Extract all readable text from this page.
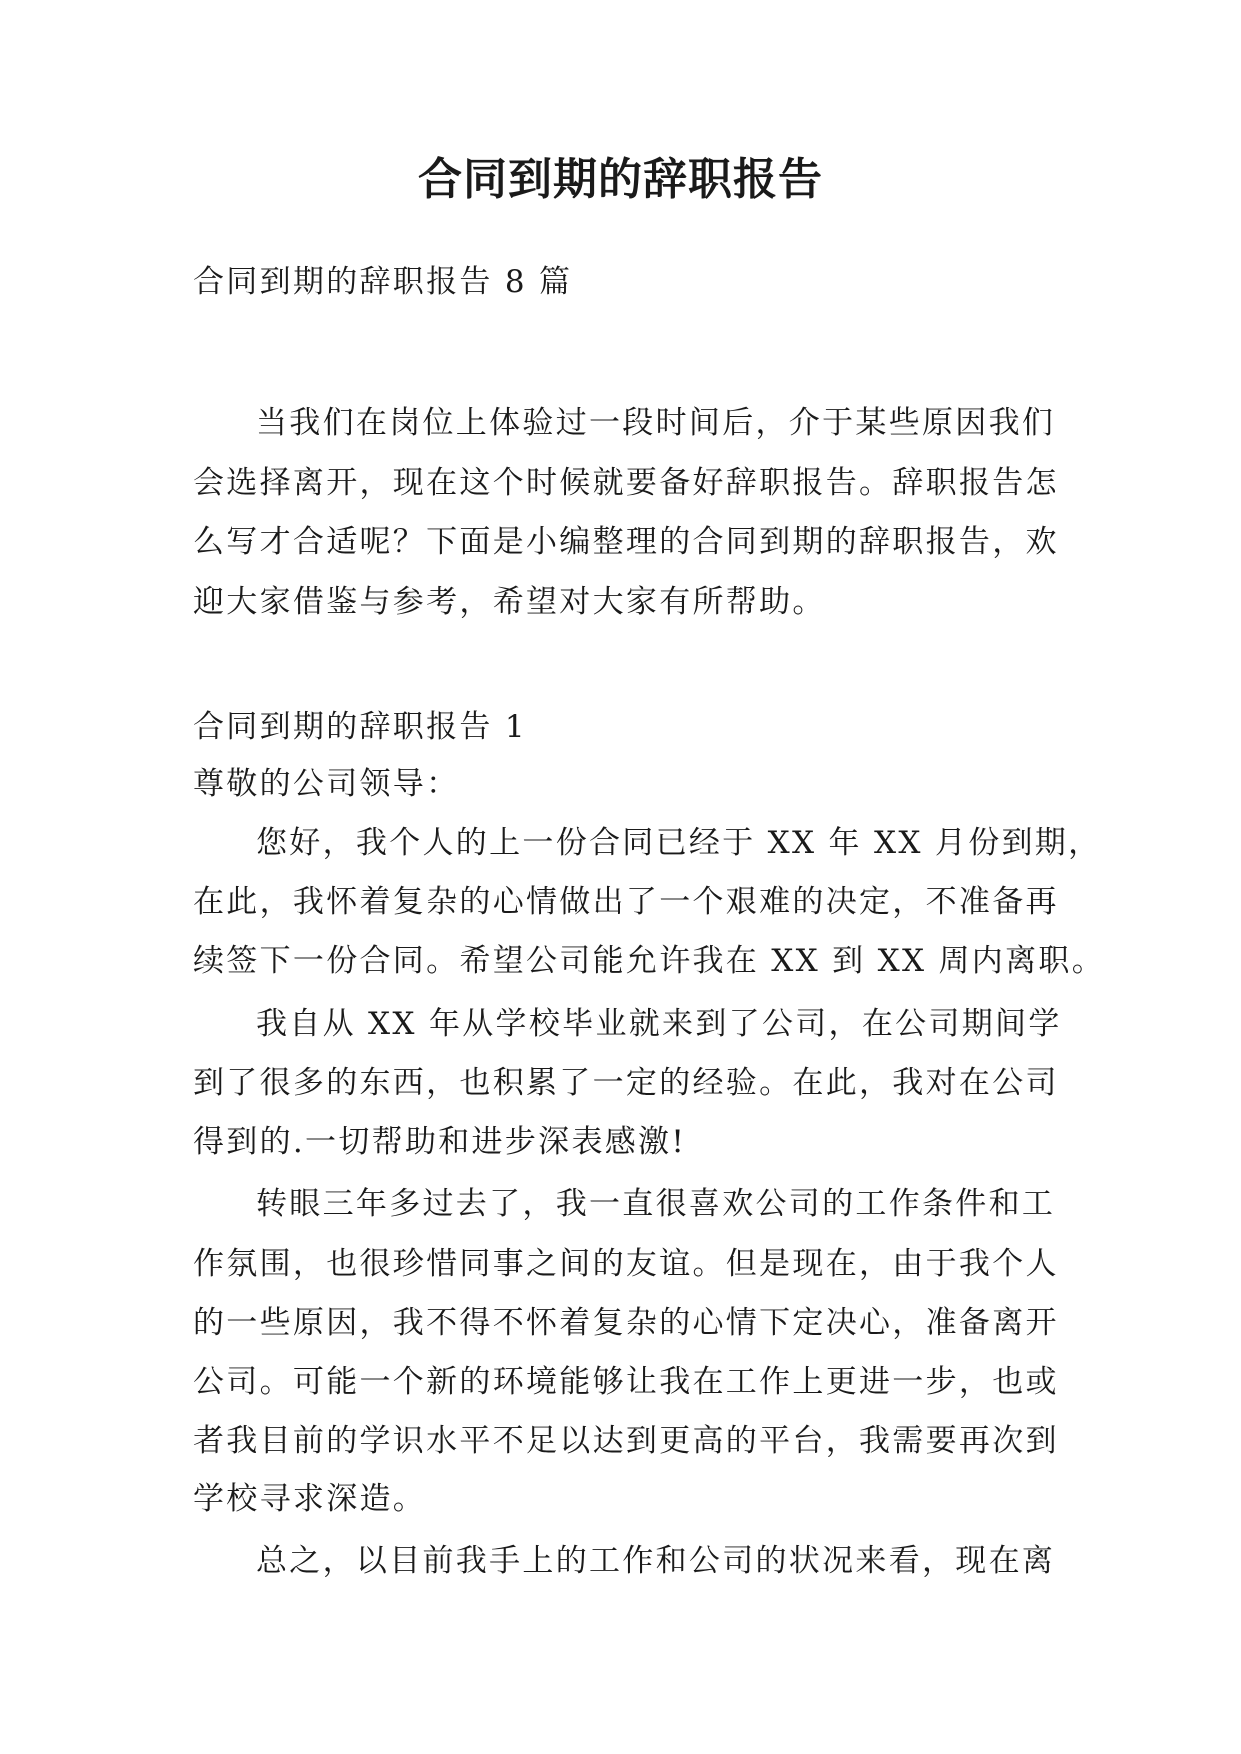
合同到期的辞职报告
合同到期的辞职报告 8 篇
当我们在岗位上体验过一段时间后，介于某些原因我们
会选择离开，现在这个时候就要备好辞职报告。辞职报告怎
么写才合适呢？下面是小编整理的合同到期的辞职报告，欢
迎大家借鉴与参考，希望对大家有所帮助。
合同到期的辞职报告 1
尊敬的公司领导：
您好，我个人的上一份合同已经于 XX 年 XX 月份到期，
在此，我怀着复杂的心情做出了一个艰难的决定，不准备再
续签下一份合同。希望公司能允许我在 XX 到 XX 周内离职。
我自从 XX 年从学校毕业就来到了公司，在公司期间学
到了很多的东西，也积累了一定的经验。在此，我对在公司
得到的.一切帮助和进步深表感激!
转眼三年多过去了，我一直很喜欢公司的工作条件和工
作氛围，也很珍惜同事之间的友谊。但是现在，由于我个人
的一些原因，我不得不怀着复杂的心情下定决心，准备离开
公司。可能一个新的环境能够让我在工作上更进一步，也或
者我目前的学识水平不足以达到更高的平台，我需要再次到
学校寻求深造。
总之，以目前我手上的工作和公司的状况来看，现在离
